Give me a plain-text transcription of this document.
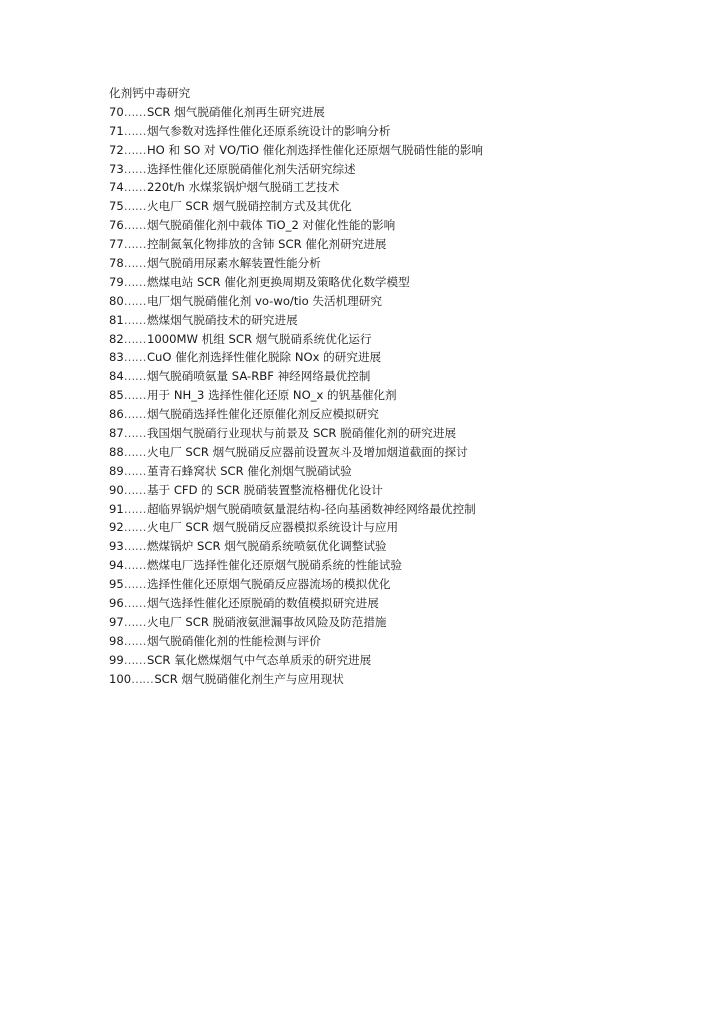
化剂钙中毒研究
70……SCR 烟气脱硝催化剂再生研究进展
71……烟气参数对选择性催化还原系统设计的影响分析
72……HO 和 SO 对 VO/TiO 催化剂选择性催化还原烟气脱硝性能的影响
73……选择性催化还原脱硝催化剂失活研究综述
74……220t/h 水煤浆锅炉烟气脱硝工艺技术
75……火电厂 SCR 烟气脱硝控制方式及其优化
76……烟气脱硝催化剂中载体 TiO_2 对催化性能的影响
77……控制氮氧化物排放的含铈 SCR 催化剂研究进展
78……烟气脱硝用尿素水解装置性能分析
79……燃煤电站 SCR 催化剂更换周期及策略优化数学模型
80……电厂烟气脱硝催化剂 vo-wo/tio 失活机理研究
81……燃煤烟气脱硝技术的研究进展
82……1000MW 机组 SCR 烟气脱硝系统优化运行
83……CuO 催化剂选择性催化脱除 NOx 的研究进展
84……烟气脱硝喷氨量 SA-RBF 神经网络最优控制
85……用于 NH_3 选择性催化还原 NO_x 的钒基催化剂
86……烟气脱硝选择性催化还原催化剂反应模拟研究
87……我国烟气脱硝行业现状与前景及 SCR 脱硝催化剂的研究进展
88……火电厂 SCR 烟气脱硝反应器前设置灰斗及增加烟道截面的探讨
89……堇青石蜂窝状 SCR 催化剂烟气脱硝试验
90……基于 CFD 的 SCR 脱硝装置整流格栅优化设计
91……超临界锅炉烟气脱硝喷氨量混结构-径向基函数神经网络最优控制
92……火电厂 SCR 烟气脱硝反应器模拟系统设计与应用
93……燃煤锅炉 SCR 烟气脱硝系统喷氨优化调整试验
94……燃煤电厂选择性催化还原烟气脱硝系统的性能试验
95……选择性催化还原烟气脱硝反应器流场的模拟优化
96……烟气选择性催化还原脱硝的数值模拟研究进展
97……火电厂 SCR 脱硝液氨泄漏事故风险及防范措施
98……烟气脱硝催化剂的性能检测与评价
99……SCR 氧化燃煤烟气中气态单质汞的研究进展
100……SCR 烟气脱硝催化剂生产与应用现状
